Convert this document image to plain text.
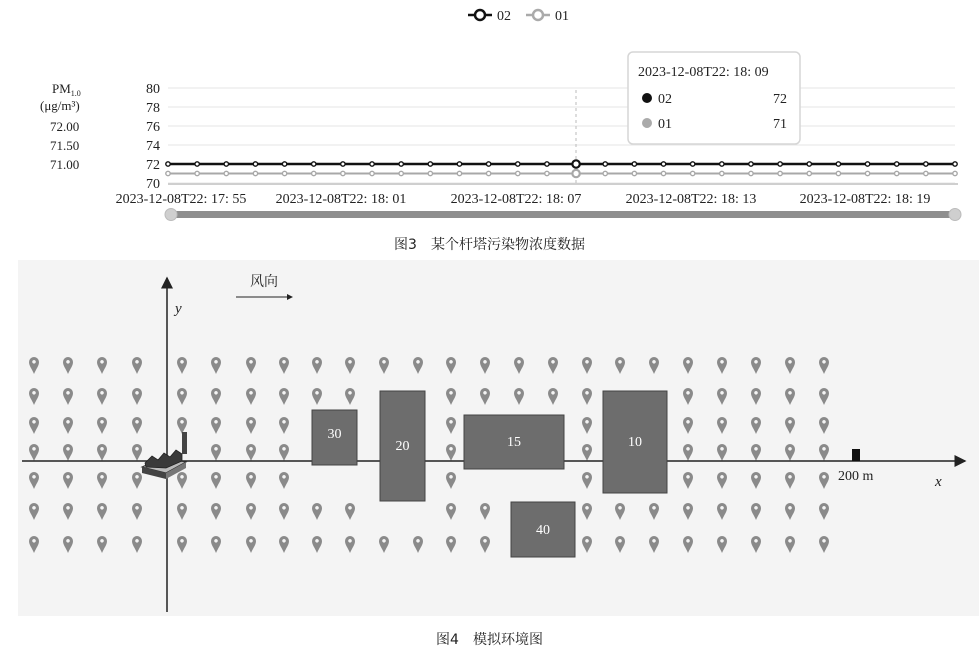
02	01
$PM_{1.0}$
(μg/m³)
72.00
71.50
71.00
80
78
76
74
72
70
2023-12-08T22: 17: 55 2023-12-08T22: 18: 01	2023-12-08T22: 18: 07	2023-12-08T22: 18: 13	2023-12-08T22: 18: 19
2023-12-08T22: 18: 09
02	72
01	71
图3　某个杆塔污染物浓度数据
30
20	15	10
40
风向
y
x
200 m
图4　模拟环境图
